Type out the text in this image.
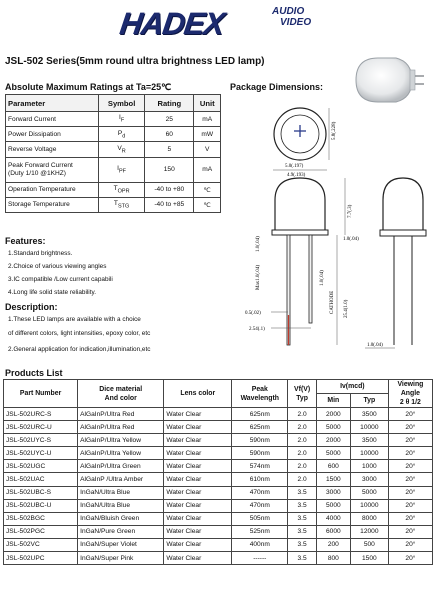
HADEX	AUDIO
VIDEO
JSL-502 Series(5mm round ultra brightness LED lamp)
Absolute Maximum Ratings at Ta=25℃
Parameter	Symbol	Rating	Unit
Forward Current	$I_F$	25	mA
Power Dissipation	$P_d$	60	mW
Reverse Voltage	$V_R$	5	V
Peak Forward Current
(Duty 1/10 @1KHZ)	$I_{PF}$	150	mA
Operation Temperature	$T_{OPR}$	-40 to +80	℃
Storage Temperature	$T_{STG}$	-40 to +85	℃
Package Dimensions:
5.8(.228)
5.0(.197)
4.9(.193)
7.7(.3)
1.0(.04)
Max1.0(.04)	1.0(.04)
CATHODE 25.4(1.0)
0.5(.02)
2.54(.1)
1.0(.04)
1.0(.04)
Features:
1.Standard brightness.
2.Choice of various viewing angles
3.IC compatible /Low current capabili
4.Long life solid state reliability.
Description:
1.These LED lamps are available with a choice
of different colors, light intensities, epoxy color, etc
2.General application for indication,illumination,etc
Products List
Part Number	Dice material
And color	Lens color	Peak
Wavelength	Vf(V)
Typ	Iv(mcd)		Viewing
Angle
2 θ 1/2
					Min	Typ	
JSL-502URC-S	AlGaInP/Ultra Red	Water Clear	625nm	2.0	2000	3500	20°
JSL-502URC-U	AlGaInP/Ultra Red	Water Clear	625nm	2.0	5000	10000	20°
JSL-502UYC-S	AlGaInP/Ultra Yellow	Water Clear	590nm	2.0	2000	3500	20°
JSL-502UYC-U	AlGaInP/Ultra Yellow	Water Clear	590nm	2.0	5000	10000	20°
JSL-502UGC	AlGaInP/Ultra Green	Water Clear	574nm	2.0	600	1000	20°
JSL-502UAC	AlGaInP /Ultra Amber	Water Clear	610nm	2.0	1500	3000	20°
JSL-502UBC-S	InGaN/Ultra Blue	Water Clear	470nm	3.5	3000	5000	20°
JSL-502UBC-U	InGaN/Ultra Blue	Water Clear	470nm	3.5	5000	10000	20°
JSL-502BGC	InGaN/Bluish Green	Water Clear	505nm	3.5	4000	8000	20°
JSL-502PGC	InGaN/Pure Green	Water Clear	525nm	3.5	6000	12000	20°
JSL-502VC	InGaN/Super Violet	Water Clear	400nm	3.5	200	500	20°
JSL-502UPC	InGaN/Super Pink	Water Clear	------	3.5	800	1500	20°
